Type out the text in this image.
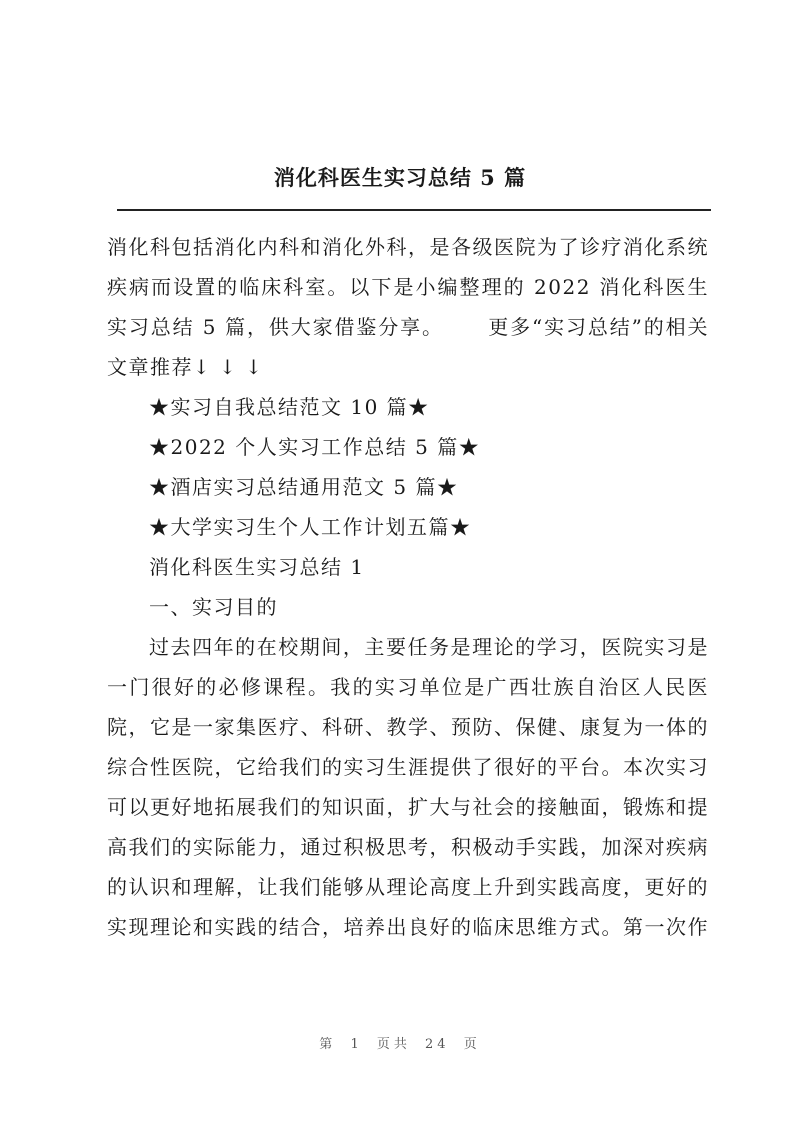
消化科医生实习总结 5 篇

消化科包括消化内科和消化外科，是各级医院为了诊疗消化系统疾病而设置的临床科室。以下是小编整理的 2022 消化科医生实习总结 5 篇，供大家借鉴分享。 更多“实习总结”的相关文章推荐↓ ↓ ↓

★实习自我总结范文 10 篇★

★2022 个人实习工作总结 5 篇★

★酒店实习总结通用范文 5 篇★

★大学实习生个人工作计划五篇★

消化科医生实习总结 1

一、实习目的

过去四年的在校期间，主要任务是理论的学习，医院实习是一门很好的必修课程。我的实习单位是广西壮族自治区人民医院，它是一家集医疗、科研、教学、预防、保健、康复为一体的综合性医院，它给我们的实习生涯提供了很好的平台。本次实习可以更好地拓展我们的知识面，扩大与社会的接触面，锻炼和提高我们的实际能力，通过积极思考，积极动手实践，加深对疾病的认识和理解，让我们能够从理论高度上升到实践高度，更好的实现理论和实践的结合，培养出良好的临床思维方式。第一次作

第 1 页共 24 页
